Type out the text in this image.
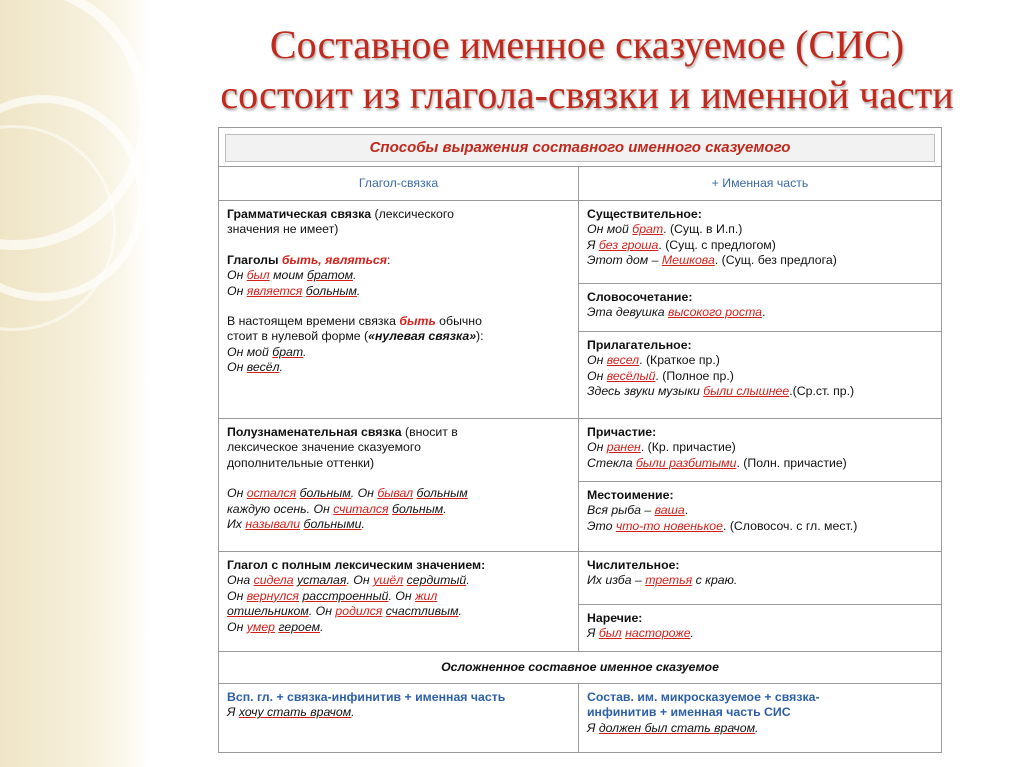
Составное именное сказуемое (СИС)
состоит из глагола-связки и именной части
Способы выражения составного именного сказуемого
Глагол-связка	+ Именная часть

Грамматическая связка (лексического

значения не имеет)

Глаголы быть, являться:

Он был моим братом.

Он является больным.

В настоящем времени связка быть обычно

стоит в нулевой форме («нулевая связка»):

Он мой брат.

Он весёл.

Существительное:

Он мой брат. (Сущ. в И.п.)

Я без гроша. (Сущ. с предлогом)

Этот дом – Мешкова. (Сущ. без предлога)

Словосочетание:

Эта девушка высокого роста.

Прилагательное:

Он весел. (Краткое пр.)

Он весёлый. (Полное пр.)

Здесь звуки музыки были слышнее.(Ср.ст. пр.)

Полузнаменательная связка (вносит в

лексическое значение сказуемого

дополнительные оттенки)

Он остался больным. Он бывал больным

каждую осень. Он считался больным.

Их называли больными.

Причастие:

Он ранен. (Кр. причастие)

Стекла были разбитыми. (Полн. причастие)

Местоимение:

Вся рыба – ваша.

Это что-то новенькое. (Словосоч. с гл. мест.)

Глагол с полным лексическим значением:

Она сидела усталая. Он ушёл сердитый.

Он вернулся расстроенный. Он жил

отшельником. Он родился счастливым.

Он умер героем.

Числительное:

Их изба – третья с краю.

Наречие:

Я был настороже.

Осложненное составное именное сказуемое

Всп. гл. + связка-инфинитив + именная часть

Я хочу стать врачом.

Состав. им. микросказуемое + связка-

инфинитив + именная часть СИС

Я должен был стать врачом.
